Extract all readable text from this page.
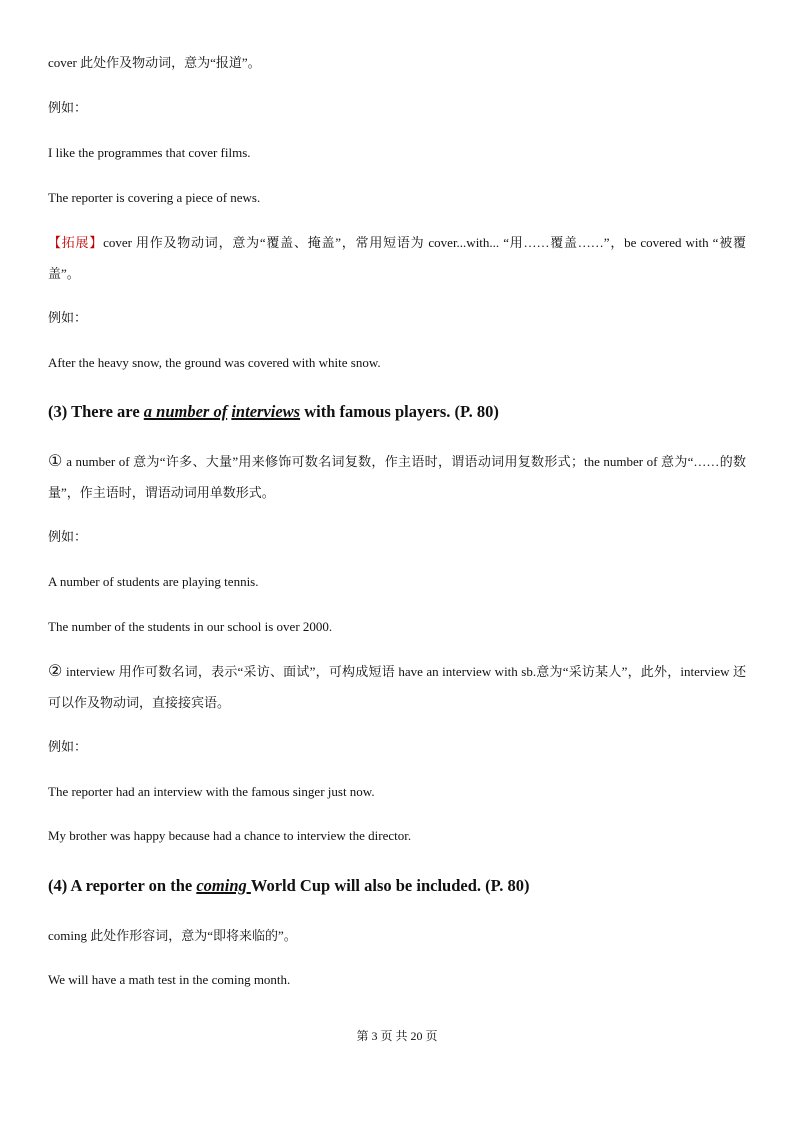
cover 此处作及物动词，意为“报道”。
例如：
I like the programmes that cover films.
The reporter is covering a piece of news.
【拓展】cover 用作及物动词，意为“覆盖、掩盖”，常用短语为 cover...with... “用……覆盖……”，be covered with “被覆盖”。
例如：
After the heavy snow, the ground was covered with white snow.
(3) There are a number of interviews with famous players. (P. 80)
① a number of 意为“许多、大量”用来修饰可数名词复数，作主语时，谓语动词用复数形式；the number of 意为“……的数量”，作主语时，谓语动词用单数形式。
例如：
A number of students are playing tennis.
The number of the students in our school is over 2000.
② interview 用作可数名词，表示“采访、面试”，可构成短语 have an interview with sb.意为“采访某人”，此外，interview 还可以作及物动词，直接接宾语。
例如：
The reporter had an interview with the famous singer just now.
My brother was happy because had a chance to interview the director.
(4) A reporter on the coming World Cup will also be included. (P. 80)
coming 此处作形容词，意为“即将来临的”。
We will have a math test in the coming month.
第 3 页 共 20 页
